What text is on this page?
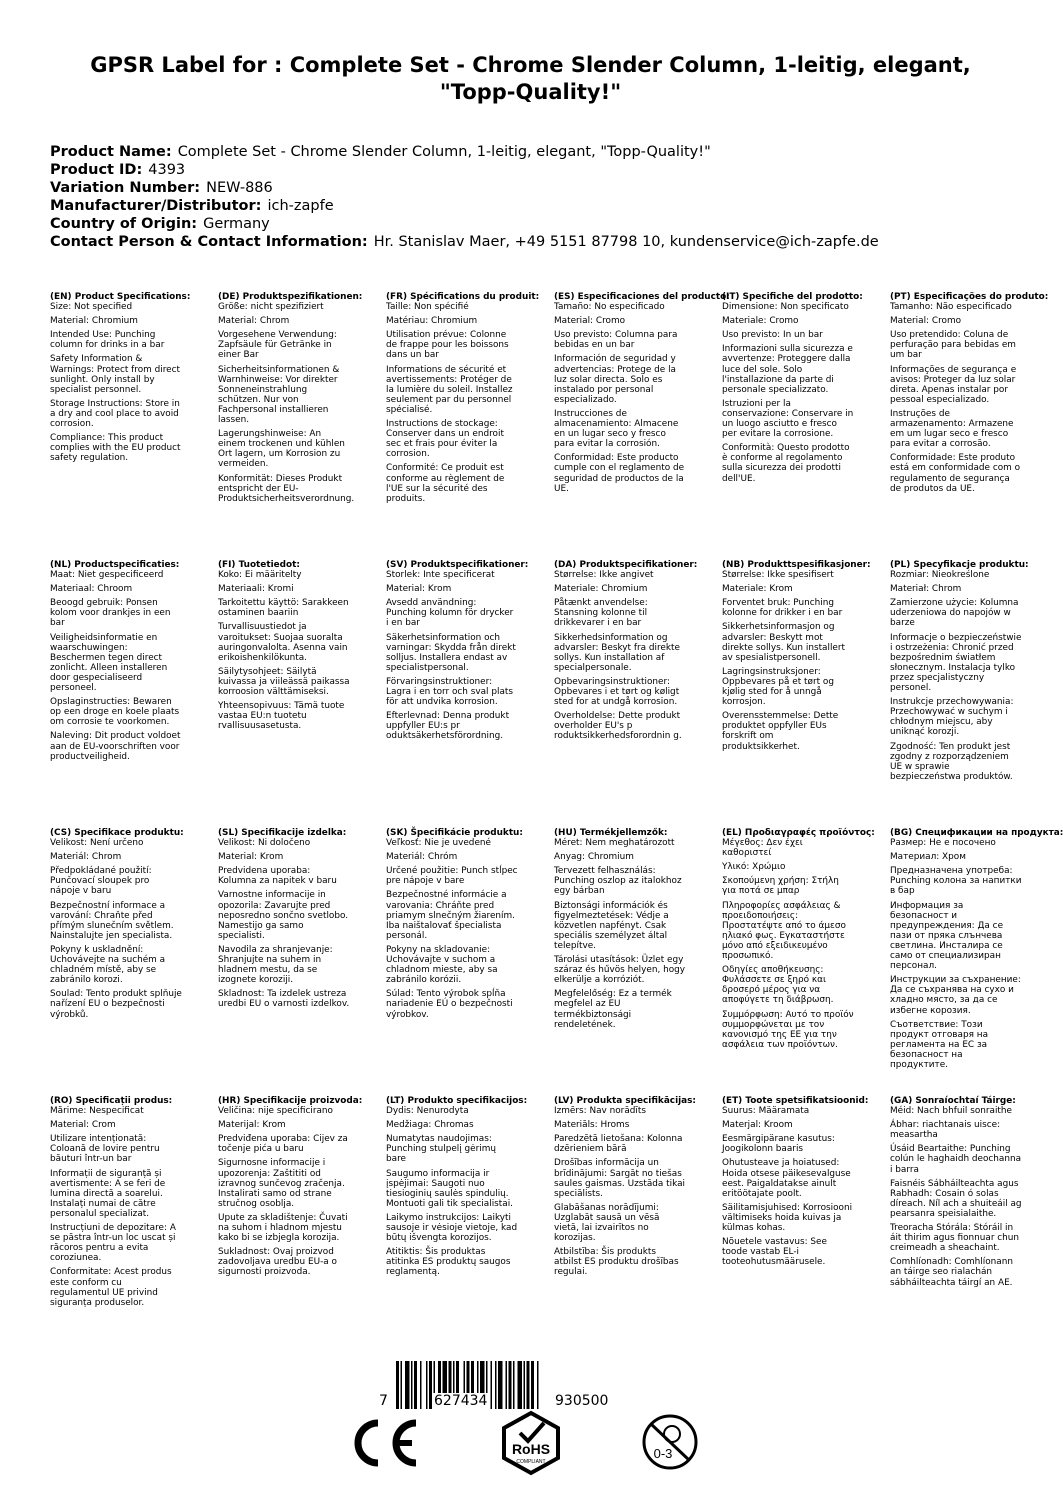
GPSR Label for : Complete Set - Chrome Slender Column, 1-leitig, elegant, "Topp-Quality!"
Product Name: Complete Set - Chrome Slender Column, 1-leitig, elegant, "Topp-Quality!"
Product ID: 4393
Variation Number: NEW-886
Manufacturer/Distributor: ich-zapfe
Country of Origin: Germany
Contact Person & Contact Information: Hr. Stanislav Maer, +49 5151 87798 10, kundenservice@ich-zapfe.de
(EN) Product Specifications:
Size: Not specified
Material: Chromium
Intended Use: Punching column for drinks in a bar
Safety Information & Warnings: Protect from direct sunlight. Only install by specialist personnel.
Storage Instructions: Store in a dry and cool place to avoid corrosion.
Compliance: This product complies with the EU product safety regulation.
(DE) Produktspezifikationen:
Größe: nicht spezifiziert
Material: Chrom
Vorgesehene Verwendung: Zapfsäule für Getränke in einer Bar
Sicherheitsinformationen & Warnhinweise: Vor direkter Sonneneinstrahlung schützen. Nur von Fachpersonal installieren lassen.
Lagerungshinweise: An einem trockenen und kühlen Ort lagern, um Korrosion zu vermeiden.
Konformität: Dieses Produkt entspricht der EU-Produktsicherheitsverordnung.
(FR) Spécifications du produit:
Taille: Non spécifié
Matériau: Chromium
Utilisation prévue: Colonne de frappe pour les boissons dans un bar
Informations de sécurité et avertissements: Protéger de la lumière du soleil. Installez seulement par du personnel spécialisé.
Instructions de stockage: Conserver dans un endroit sec et frais pour éviter la corrosion.
Conformité: Ce produit est conforme au règlement de l'UE sur la sécurité des produits.
(ES) Especificaciones del producto:
Tamaño: No especificado
Material: Cromo
Uso previsto: Columna para bebidas en un bar
Información de seguridad y advertencias: Protege de la luz solar directa. Solo es instalado por personal especializado.
Instrucciones de almacenamiento: Almacene en un lugar seco y fresco para evitar la corrosión.
Conformidad: Este producto cumple con el reglamento de seguridad de productos de la UE.
(IT) Specifiche del prodotto:
Dimensione: Non specificato
Materiale: Cromo
Uso previsto: In un bar
Informazioni sulla sicurezza e avvertenze: Proteggere dalla luce del sole. Solo l'installazione da parte di personale specializzato.
Istruzioni per la conservazione: Conservare in un luogo asciutto e fresco per evitare la corrosione.
Conformità: Questo prodotto è conforme al regolamento sulla sicurezza dei prodotti dell'UE.
(PT) Especificações do produto:
Tamanho: Não especificado
Material: Cromo
Uso pretendido: Coluna de perfuração para bebidas em um bar
Informações de segurança e avisos: Proteger da luz solar direta. Apenas instalar por pessoal especializado.
Instruções de armazenamento: Armazene em um lugar seco e fresco para evitar a corrosão.
Conformidade: Este produto está em conformidade com o regulamento de segurança de produtos da UE.
(NL) Productspecificaties:
Maat: Niet gespecificeerd
Materiaal: Chroom
Beoogd gebruik: Ponsen kolom voor drankjes in een bar
Veiligheidsinformatie en waarschuwingen: Beschermen tegen direct zonlicht. Alleen installeren door gespecialiseerd personeel.
Opslaginstructies: Bewaren op een droge en koele plaats om corrosie te voorkomen.
Naleving: Dit product voldoet aan de EU-voorschriften voor productveiligheid.
(FI) Tuotetiedot:
Koko: Ei määritelty
Materiaali: Kromi
Tarkoitettu käyttö: Sarakkeen ostaminen baariin
Turvallisuustiedot ja varoitukset: Suojaa suoralta auringonvalolta. Asenna vain erikoishenkilökunta.
Säilytysohjeet: Säilytä kuivassa ja viileässä paikassa korroosion välttämiseksi.
Yhteensopivuus: Tämä tuote vastaa EU:n tuotetu rvallisuusasetusta.
(SV) Produktspecifikationer:
Storlek: Inte specificerat
Material: Krom
Avsedd användning: Punching kolumn för drycker i en bar
Säkerhetsinformation och varningar: Skydda från direkt solljus. Installera endast av specialistpersonal.
Förvaringsinstruktioner: Lagra i en torr och sval plats för att undvika korrosion.
Efterlevnad: Denna produkt uppfyller EU:s pr oduktsäkerhetsförordning.
(DA) Produktspecifikationer:
Størrelse: Ikke angivet
Materiale: Chromium
Påtænkt anvendelse: Stansning kolonne til drikkevarer i en bar
Sikkerhedsinformation og advarsler: Beskyt fra direkte sollys. Kun installation af specialpersonale.
Opbevaringsinstruktioner: Opbevares i et tørt og køligt sted for at undgå korrosion.
Overholdelse: Dette produkt overholder EU's p roduktsikkerhedsforordnin g.
(NB) Produkttspesifikasjoner:
Størrelse: Ikke spesifisert
Materiale: Krom
Forventet bruk: Punching kolonne for drikker i en bar
Sikkerhetsinformasjon og advarsler: Beskytt mot direkte sollys. Kun installert av spesialistpersonell.
Lagringsinstruksjoner: Oppbevares på et tørt og kjølig sted for å unngå korrosjon.
Overensstemmelse: Dette produktet oppfyller EUs forskrift om produktsikkerhet.
(PL) Specyfikacje produktu:
Rozmiar: Nieokreślone
Materiał: Chrom
Zamierzone użycie: Kolumna uderzeniowa do napojów w barze
Informacje o bezpieczeństwie i ostrzeżenia: Chronić przed bezpośrednim światłem słonecznym. Instalacja tylko przez specjalistyczny personel.
Instrukcje przechowywania: Przechowywać w suchym i chłodnym miejscu, aby uniknąć korozji.
Zgodność: Ten produkt jest zgodny z rozporządzeniem UE w sprawie bezpieczeństwa produktów.
(CS) Specifikace produktu:
Velikost: Není určeno
Materiál: Chrom
Předpokládané použití: Punčovací sloupek pro nápoje v baru
Bezpečnostní informace a varování: Chraňte před přímým slunečním světlem. Nainstalujte jen specialista.
Pokyny k uskladnění: Uchovávejte na suchém a chladném místě, aby se zabránilo korozi.
Soulad: Tento produkt splňuje nařízení EU o bezpečnosti výrobků.
(SL) Specifikacije izdelka:
Velikost: Ni določeno
Material: Krom
Predvidena uporaba: Kolumna za napitek v baru
Varnostne informacije in opozorila: Zavarujte pred neposredno sončno svetlobo. Namestijo ga samo specialisti.
Navodila za shranjevanje: Shranjujte na suhem in hladnem mestu, da se izognete koroziji.
Skladnost: Ta izdelek ustreza uredbi EU o varnosti izdelkov.
(SK) Špecifikácie produktu:
Veľkosť: Nie je uvedené
Materiál: Chróm
Určené použitie: Punch stĺpec pre nápoje v bare
Bezpečnostné informácie a varovania: Chráňte pred priamym slnečným žiarením. Iba naištalovať špecialista personál.
Pokyny na skladovanie: Uchovávajte v suchom a chladnom mieste, aby sa zabránilo korózii.
Súlad: Tento výrobok spĺňa nariadenie EÚ o bezpečnosti výrobkov.
(HU) Termékjellemzők:
Méret: Nem meghatározott
Anyag: Chromium
Tervezett felhasználás: Punching oszlop az italokhoz egy bárban
Biztonsági információk és figyelmeztetések: Védje a közvetlen napfényt. Csak speciális személyzet által telepítve.
Tárolási utasítások: Üzlet egy száraz és hűvös helyen, hogy elkerülje a korróziót.
Megfelelőség: Ez a termék megfelel az EU termékbiztonsági rendeletének.
(EL) Προδιαγραφές προϊόντος:
Μέγεθος: Δεν έχει καθοριστεί
Υλικό: Χρώμιο
Σκοπούμενη χρήση: Στήλη για ποτά σε μπαρ
Πληροφορίες ασφάλειας & προειδοποιήσεις: Προστατέψτε από το άμεσο ηλιακό φως. Εγκαταστήστε μόνο από εξειδικευμένο προσωπικό.
Οδηγίες αποθήκευσης: Φυλάσσετε σε ξηρό και δροσερό μέρος για να αποφύγετε τη διάβρωση.
Συμμόρφωση: Αυτό το προϊόν συμμορφώνεται με τον κανονισμό της ΕΕ για την ασφάλεια των προϊόντων.
(BG) Спецификации на продукта:
Размер: Не е посочено
Материал: Хром
Предназначена употреба: Punching колона за напитки в бар
Информация за безопасност и предупреждения: Да се пази от пряка слънчева светлина. Инсталира се само от специализиран персонал.
Инструкции за съхранение: Да се съхранява на сухо и хладно място, за да се избегне корозия.
Съответствие: Този продукт отговаря на регламента на ЕС за безопасност на продуктите.
(RO) Specificații produs:
Mărime: Nespecificat
Material: Crom
Utilizare intenționată: Coloană de lovire pentru băuturi într-un bar
Informații de siguranță și avertismente: A se feri de lumina directă a soarelui. Instalați numai de către personalul specializat.
Instrucțiuni de depozitare: A se păstra într-un loc uscat și răcoros pentru a evita coroziunea.
Conformitate: Acest produs este conform cu regulamentul UE privind siguranța produselor.
(HR) Specifikacije proizvoda:
Veličina: nije specificirano
Materijal: Krom
Predviđena uporaba: Cijev za točenje pića u baru
Sigurnosne informacije i upozorenja: Zaštititi od izravnog sunčevog zračenja. Instalirati samo od strane stručnog osoblja.
Upute za skladištenje: Čuvati na suhom i hladnom mjestu kako bi se izbjegla korozija.
Sukladnost: Ovaj proizvod zadovoljava uredbu EU-a o sigurnosti proizvoda.
(LT) Produkto specifikacijos:
Dydis: Nenurodyta
Medžiaga: Chromas
Numatytas naudojimas: Punching stulpelį gėrimų bare
Saugumo informacija ir įspėjimai: Saugoti nuo tiesioginių saulės spindulių. Montuoti gali tik specialistai.
Laikymo instrukcijos: Laikyti sausoje ir vėsioje vietoje, kad būtų išvengta korozijos.
Atitiktis: Šis produktas atitinka ES produktų saugos reglamentą.
(LV) Produkta specifikācijas:
Izmērs: Nav norādīts
Materiāls: Hroms
Paredzētā lietošana: Kolonna dzērieniem bārā
Drošības informācija un brīdinājumi: Sargāt no tiešas saules gaismas. Uzstāda tikai speciālists.
Glabāšanas norādījumi: Uzglabāt sausā un vēsā vietā, lai izvairītos no korozijas.
Atbilstība: Šis produkts atbilst ES produktu drošības regulai.
(ET) Toote spetsifikatsioonid:
Suurus: Määramata
Materjal: Kroom
Eesmärgipärane kasutus: Joogikolonn baaris
Ohutusteave ja hoiatused: Hoida otsese päikesevalguse eest. Paigaldatakse ainult eritöötajate poolt.
Säilitamisjuhised: Korrosiooni vältimiseks hoida kuivas ja külmas kohas.
Nõuetele vastavus: See toode vastab EL-i tooteohutusmäärusele.
(GA) Sonraíochtaí Táirge:
Méid: Nach bhfuil sonraithe
Ábhar: riachtanais uisce: measartha
Úsáid Beartaithe: Punching colún le haghaidh deochanna i barra
Faisnéis Sábháilteachta agus Rabhadh: Cosain ó solas díreach. Níl ach a shuiteáil ag pearsanra speisialaithe.
Treoracha Stórála: Stóráil in áit thirim agus fionnuar chun creimeadh a sheachaint.
Comhlíonadh: Comhlíonann an táirge seo rialachán sábháilteachta táirgí an AE.
7	627434	930500
RoHS
COMPLIANT
0-3
